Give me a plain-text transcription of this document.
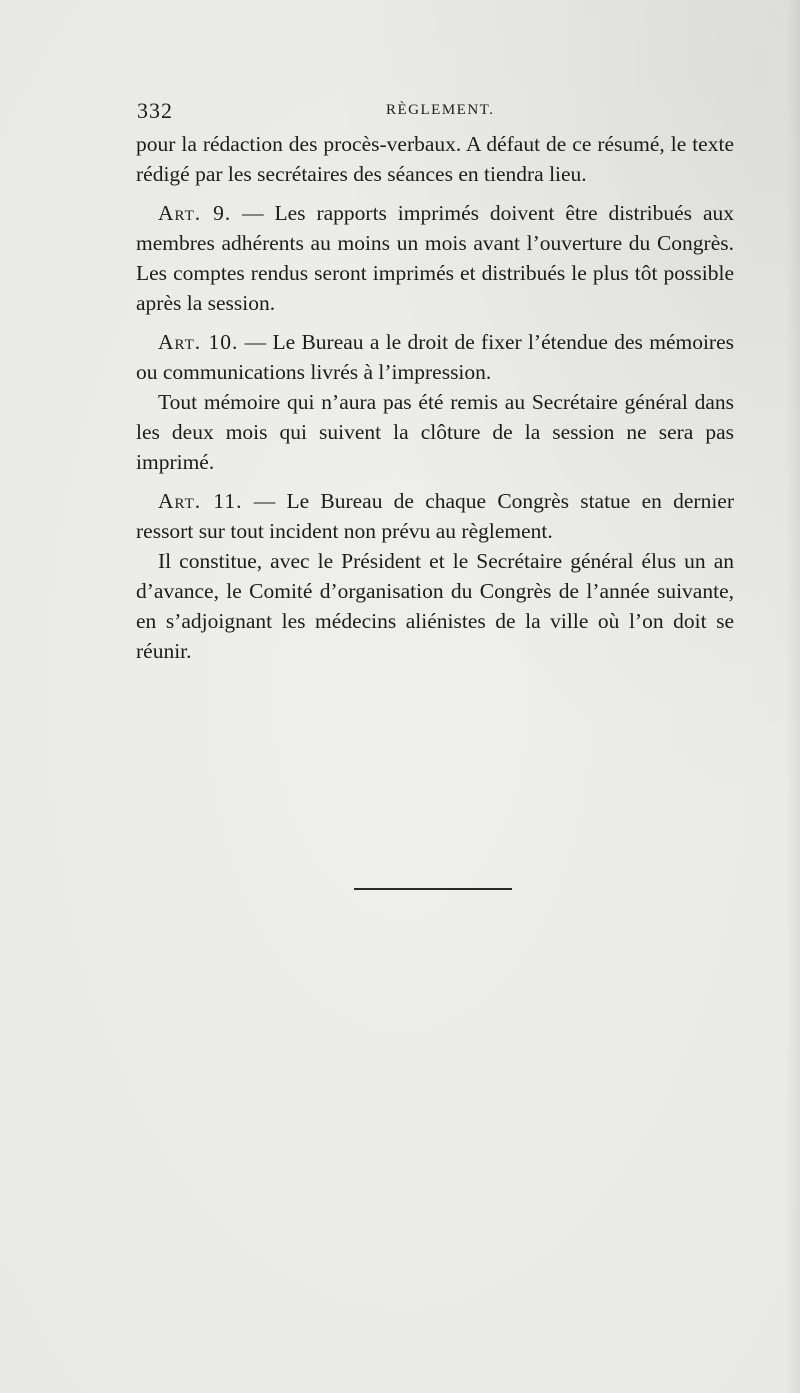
332	RÈGLEMENT.

pour la rédaction des procès-verbaux. A défaut de ce résumé, le texte rédigé par les secrétaires des séances en tiendra lieu.

Art. 9. — Les rapports imprimés doivent être distribués aux membres adhérents au moins un mois avant l’ouverture du Congrès. Les comptes rendus seront imprimés et distribués le plus tôt possible après la session.

Art. 10. — Le Bureau a le droit de fixer l’étendue des mémoires ou communications livrés à l’impression.

Tout mémoire qui n’aura pas été remis au Secrétaire général dans les deux mois qui suivent la clôture de la session ne sera pas imprimé.

Art. 11. — Le Bureau de chaque Congrès statue en dernier ressort sur tout incident non prévu au règlement.

Il constitue, avec le Président et le Secrétaire général élus un an d’avance, le Comité d’organisation du Congrès de l’année suivante, en s’adjoignant les médecins aliénistes de la ville où l’on doit se réunir.
